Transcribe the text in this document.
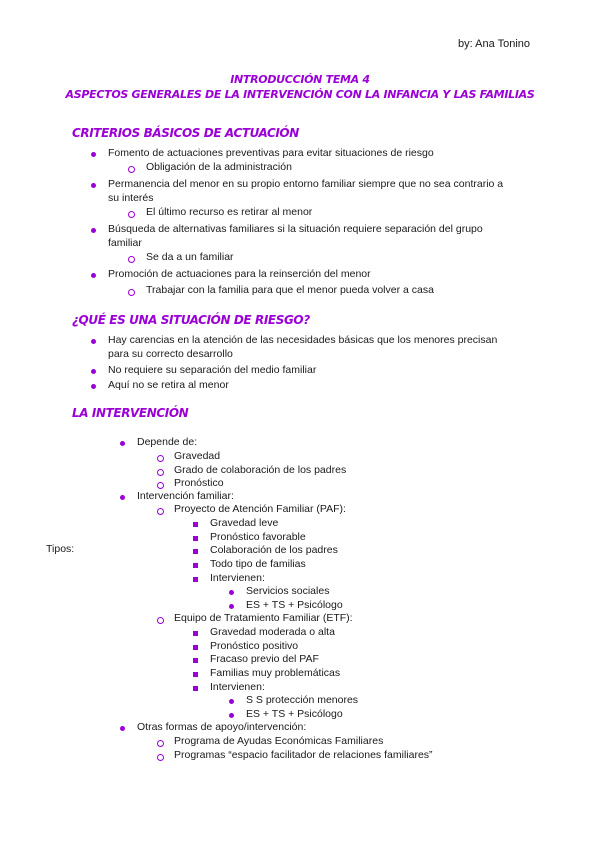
by: Ana Tonino
INTRODUCCIÓN TEMA 4
ASPECTOS GENERALES DE LA INTERVENCIÓN CON LA INFANCIA Y LAS FAMILIAS
CRITERIOS BÁSICOS DE ACTUACIÓN
Fomento de actuaciones preventivas para evitar situaciones de riesgo
Obligación de la administración
Permanencia del menor en su propio entorno familiar siempre que no sea contrario a
su interés
El último recurso es retirar al menor
Búsqueda de alternativas familiares si la situación requiere separación del grupo
familiar
Se da a un familiar
Promoción de actuaciones para la reinserción del menor
Trabajar con la familia para que el menor pueda volver a casa
¿QUÉ ES UNA SITUACIÓN DE RIESGO?
Hay carencias en la atención de las necesidades básicas que los menores precisan
para su correcto desarrollo
No requiere su separación del medio familiar
Aquí no se retira al menor
LA INTERVENCIÓN
Tipos:
Depende de:
Gravedad
Grado de colaboración de los padres
Pronóstico
Intervención familiar:
Proyecto de Atención Familiar (PAF):
Gravedad leve
Pronóstico favorable
Colaboración de los padres
Todo tipo de familias
Intervienen:
Servicios sociales
ES + TS + Psicólogo
Equipo de Tratamiento Familiar (ETF):
Gravedad moderada o alta
Pronóstico positivo
Fracaso previo del PAF
Familias muy problemáticas
Intervienen:
S S protección menores
ES + TS + Psicólogo
Otras formas de apoyo/intervención:
Programa de Ayudas Económicas Familiares
Programas “espacio facilitador de relaciones familiares”
